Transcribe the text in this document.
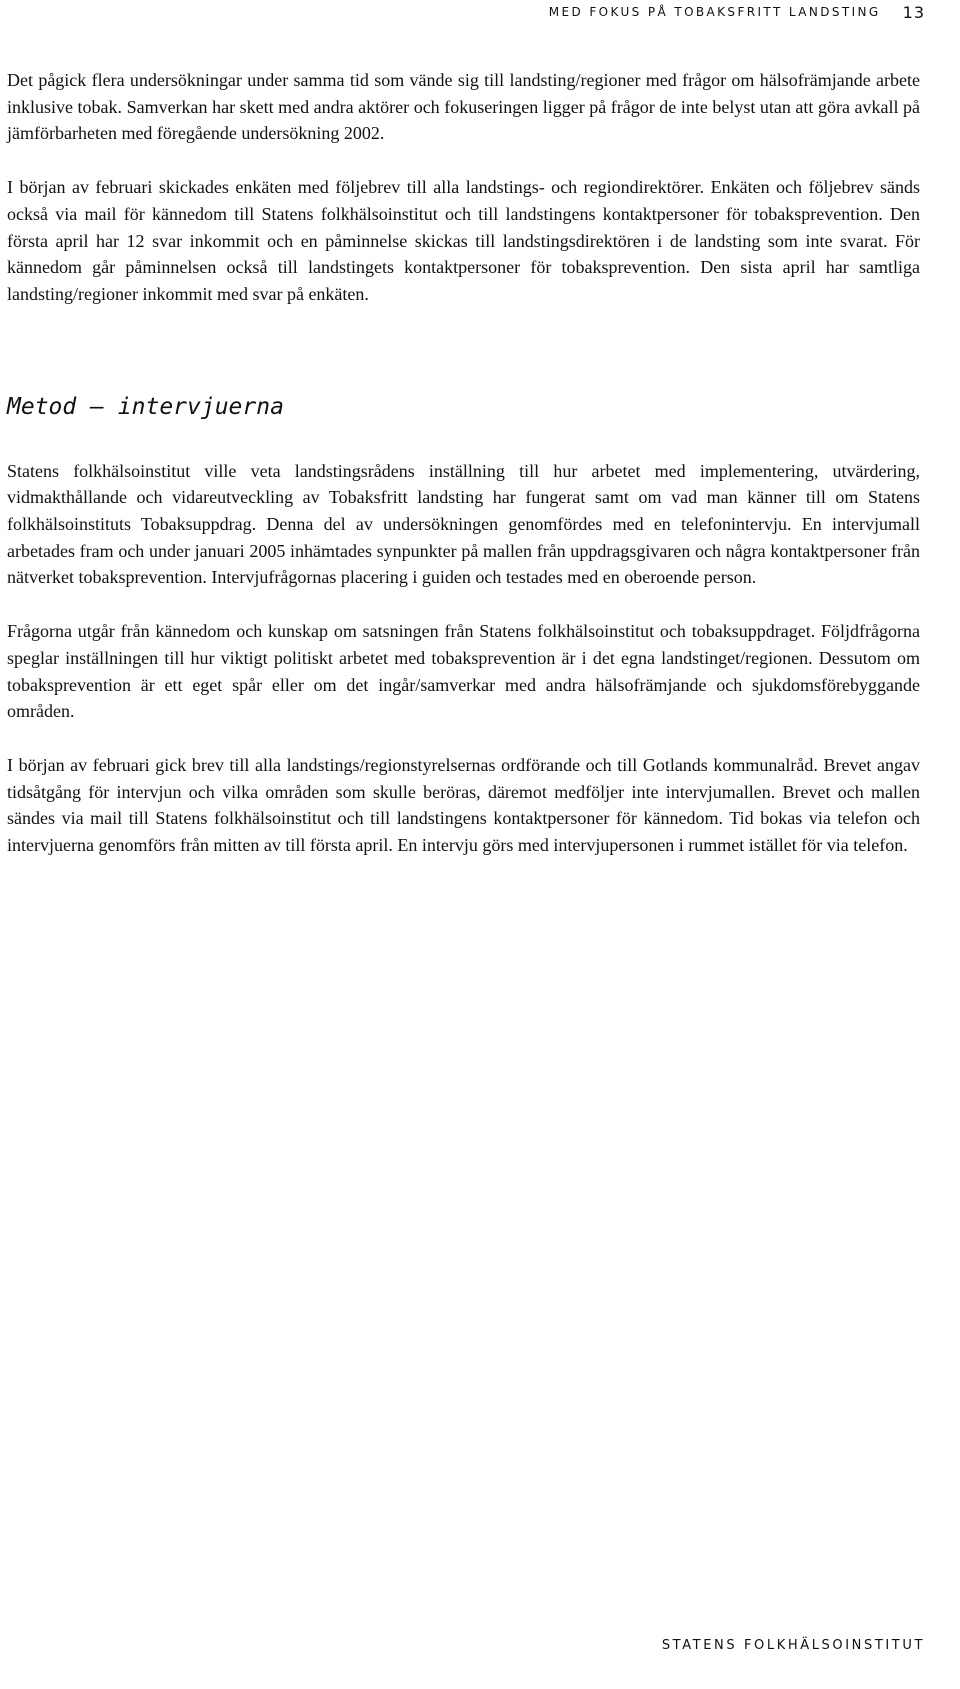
MED FOKUS PÅ TOBAKSFRITT LANDSTING 13

Det pågick flera undersökningar under samma tid som vände sig till landsting/regioner med frågor om hälsofrämjande arbete inklusive tobak. Samverkan har skett med andra aktörer och fokuseringen ligger på frågor de inte belyst utan att göra avkall på jämförbarheten med föregående undersökning 2002.

I början av februari skickades enkäten med följebrev till alla landstings- och regiondirektörer. Enkäten och följebrev sänds också via mail för kännedom till Statens folkhälsoinstitut och till landstingens kontaktpersoner för tobaksprevention. Den första april har 12 svar inkommit och en påminnelse skickas till landstingsdirektören i de landsting som inte svarat. För kännedom går påminnelsen också till landstingets kontaktpersoner för tobaksprevention. Den sista april har samtliga landsting/regioner inkommit med svar på enkäten.

Metod – intervjuerna

Statens folkhälsoinstitut ville veta landstingsrådens inställning till hur arbetet med implementering, utvärdering, vidmakthållande och vidareutveckling av Tobaksfritt landsting har fungerat samt om vad man känner till om Statens folkhälsoinstituts Tobaksuppdrag. Denna del av undersökningen genomfördes med en telefonintervju. En intervjumall arbetades fram och under januari 2005 inhämtades synpunkter på mallen från uppdragsgivaren och några kontaktpersoner från nätverket tobaksprevention. Intervjufrågornas placering i guiden och testades med en oberoende person.

Frågorna utgår från kännedom och kunskap om satsningen från Statens folkhälsoinstitut och tobaksuppdraget. Följdfrågorna speglar inställningen till hur viktigt politiskt arbetet med tobaksprevention är i det egna landstinget/regionen. Dessutom om tobaksprevention är ett eget spår eller om det ingår/samverkar med andra hälsofrämjande och sjukdomsförebyggande områden.

I början av februari gick brev till alla landstings/regionstyrelsernas ordförande och till Gotlands kommunalråd. Brevet angav tidsåtgång för intervjun och vilka områden som skulle beröras, däremot medföljer inte intervjumallen. Brevet och mallen sändes via mail till Statens folkhälsoinstitut och till landstingens kontaktpersoner för kännedom. Tid bokas via telefon och intervjuerna genomförs från mitten av till första april. En intervju görs med intervjupersonen i rummet istället för via telefon.

STATENS FOLKHÄLSOINSTITUT
